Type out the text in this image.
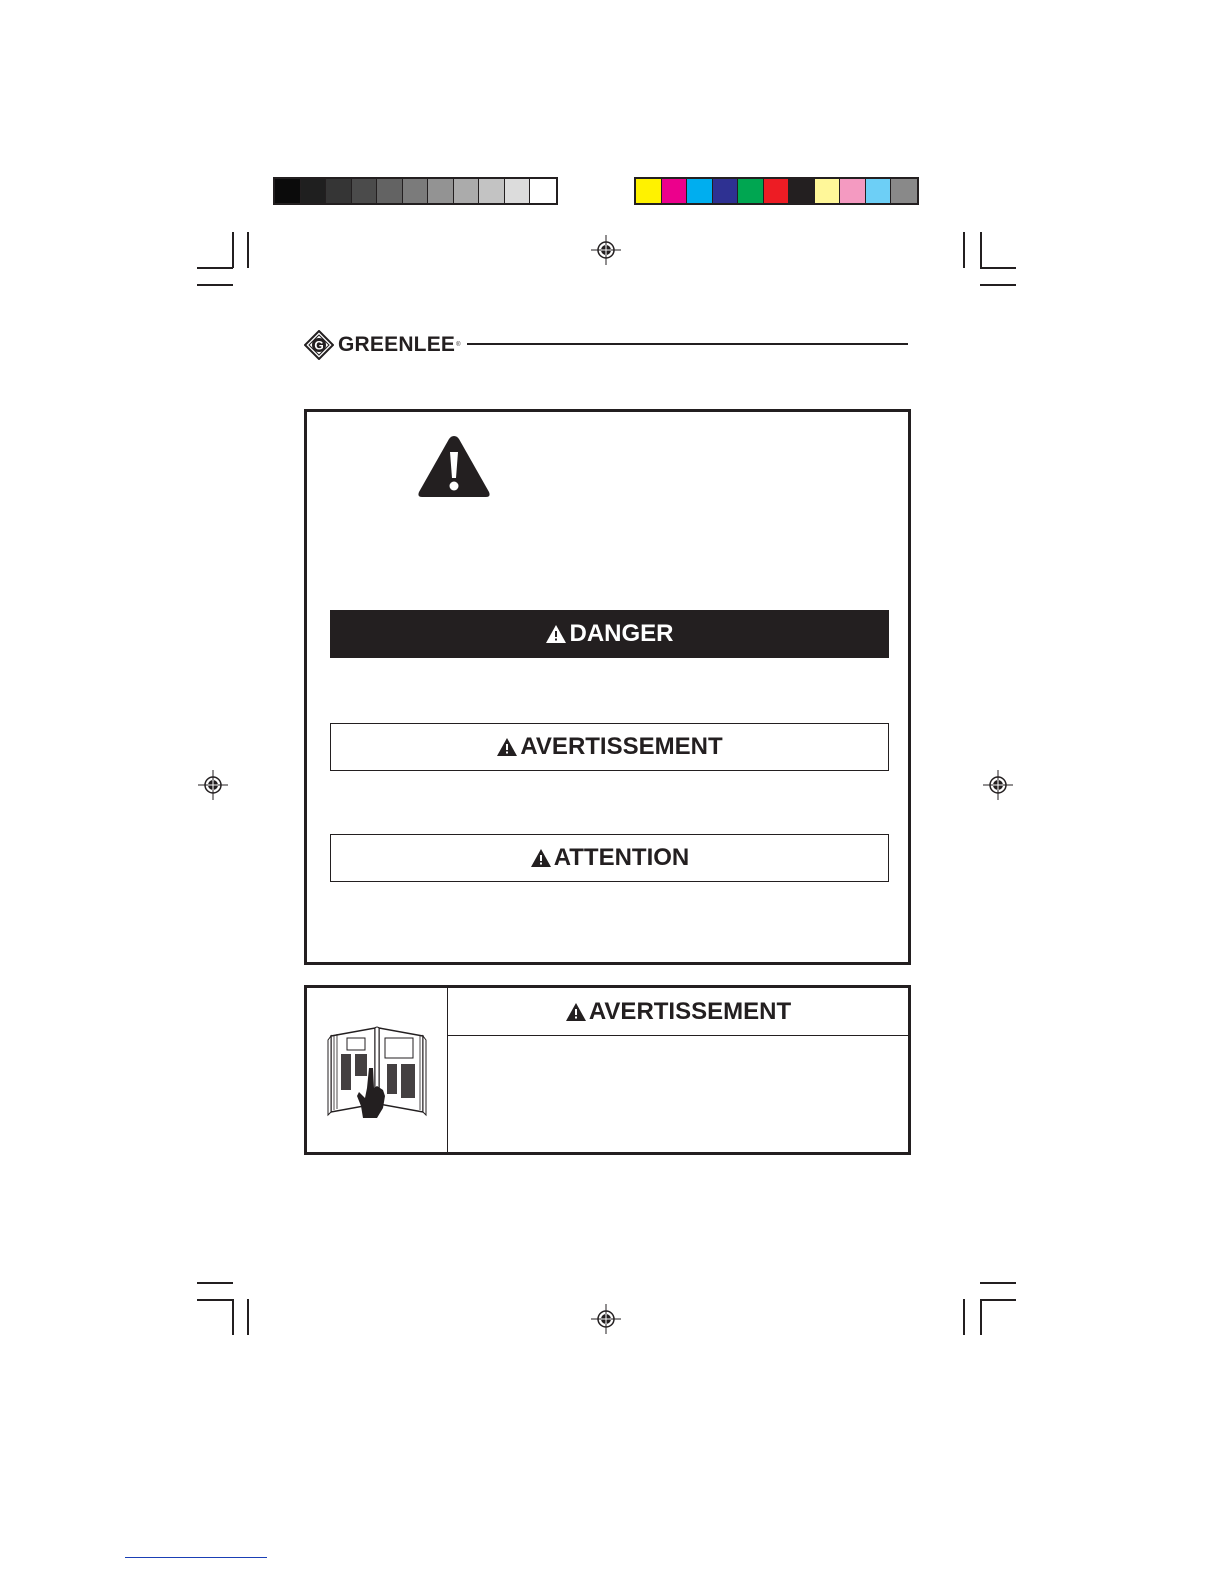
G GREENLEE ®
DANGER
AVERTISSEMENT
ATTENTION
AVERTISSEMENT
